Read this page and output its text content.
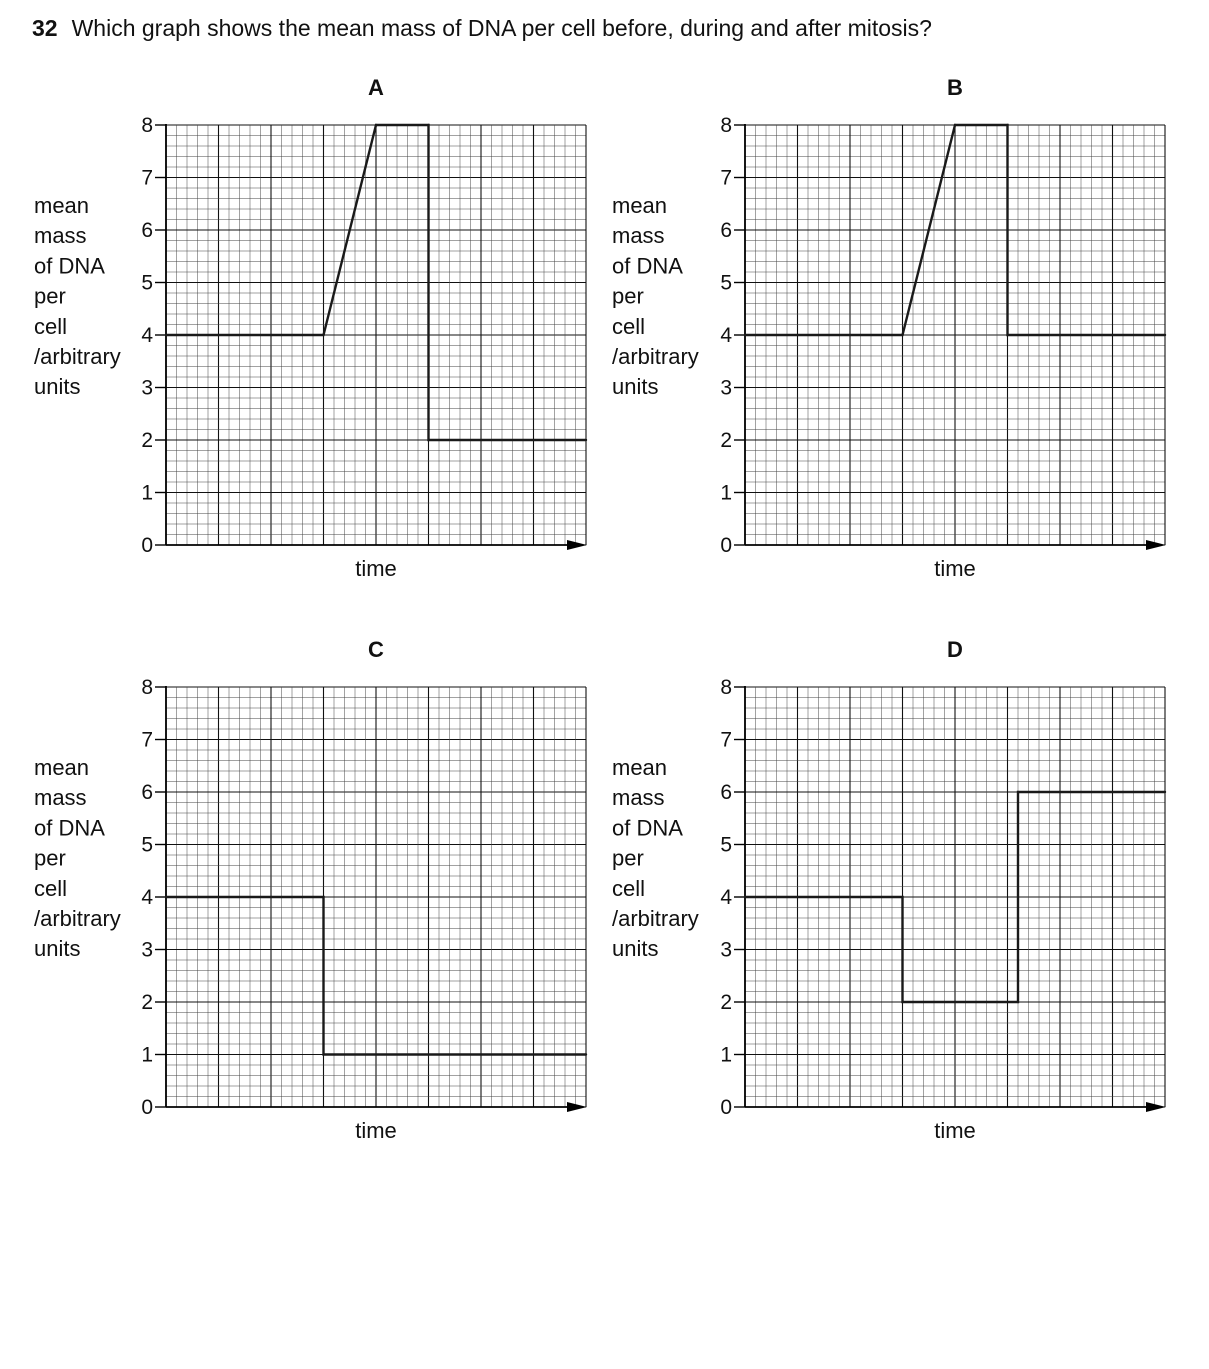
32 Which graph shows the mean mass of DNA per cell before, during and after mitosis?
0
1
2
3
4
5
6
7
8
A
time
mean
mass
of DNA
per
cell
/arbitrary
units
0
1
2
3
4
5
6
7
8
B
time
mean
mass
of DNA
per
cell
/arbitrary
units
0
1
2
3
4
5
6
7
8
C
time
mean
mass
of DNA
per
cell
/arbitrary
units
0
1
2
3
4
5
6
7
8
D
time
mean
mass
of DNA
per
cell
/arbitrary
units
